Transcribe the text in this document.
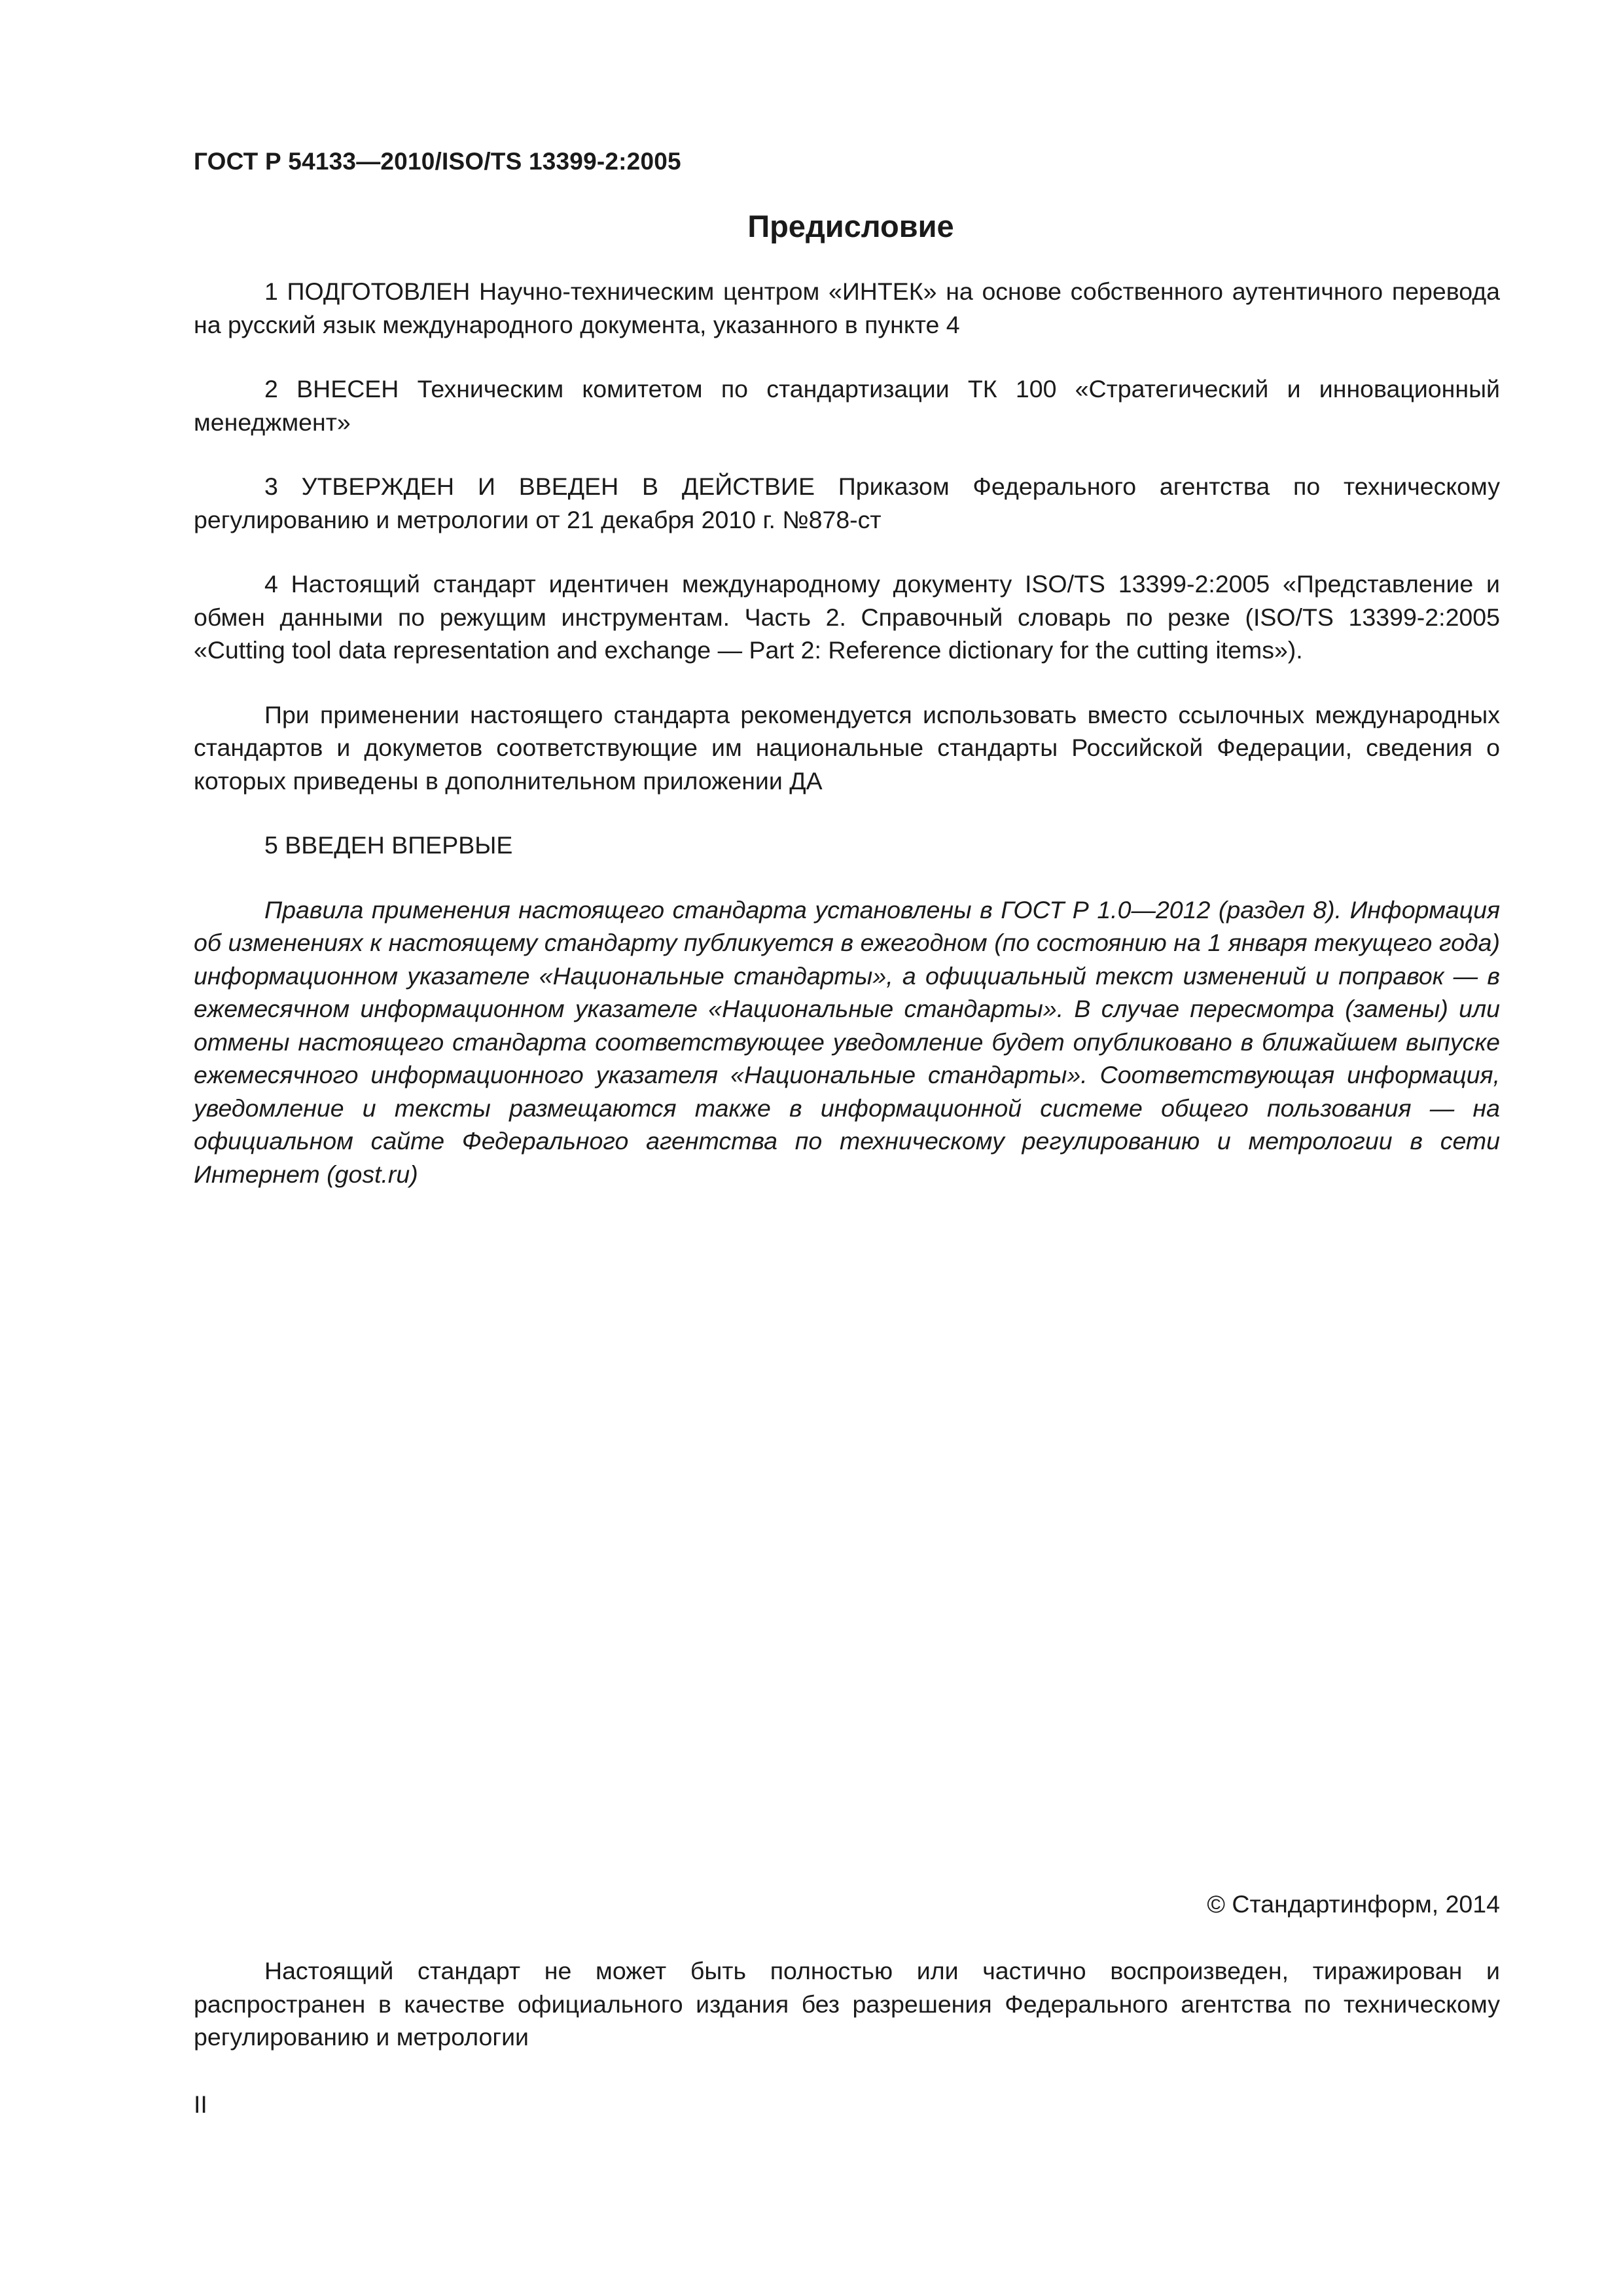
ГОСТ Р 54133—2010/ISO/TS 13399-2:2005
Предисловие

1 ПОДГОТОВЛЕН Научно-техническим центром «ИНТЕК» на основе собственного аутентичного перевода на русский язык международного документа, указанного в пункте 4

2 ВНЕСЕН Техническим комитетом по стандартизации ТК 100 «Стратегический и инновационный менеджмент»

3 УТВЕРЖДЕН И ВВЕДЕН В ДЕЙСТВИЕ Приказом Федерального агентства по техническому регулированию и метрологии от 21 декабря 2010 г. №878-ст

4 Настоящий стандарт идентичен международному документу ISO/TS 13399-2:2005 «Представление и обмен данными по режущим инструментам. Часть 2. Справочный словарь по резке (ISO/TS 13399-2:2005 «Cutting tool data representation and exchange — Part 2: Reference dictionary for the cutting items»).

При применении настоящего стандарта рекомендуется использовать вместо ссылочных международных стандартов и докуметов соответствующие им национальные стандарты Российской Федерации, сведения о которых приведены в дополнительном приложении ДА

5 ВВЕДЕН ВПЕРВЫЕ

Правила применения настоящего стандарта установлены в ГОСТ Р 1.0—2012 (раздел 8). Информация об изменениях к настоящему стандарту публикуется в ежегодном (по состоянию на 1 января текущего года) информационном указателе «Национальные стандарты», а официальный текст изменений и поправок — в ежемесячном информационном указателе «Национальные стандарты». В случае пересмотра (замены) или отмены настоящего стандарта соответствующее уведомление будет опубликовано в ближайшем выпуске ежемесячного информационного указателя «Национальные стандарты». Соответствующая информация, уведомление и тексты размещаются также в информационной системе общего пользования — на официальном сайте Федерального агентства по техническому регулированию и метрологии в сети Интернет (gost.ru)

© Стандартинформ, 2014

Настоящий стандарт не может быть полностью или частично воспроизведен, тиражирован и распространен в качестве официального издания без разрешения Федерального агентства по техническому регулированию и метрологии

II
